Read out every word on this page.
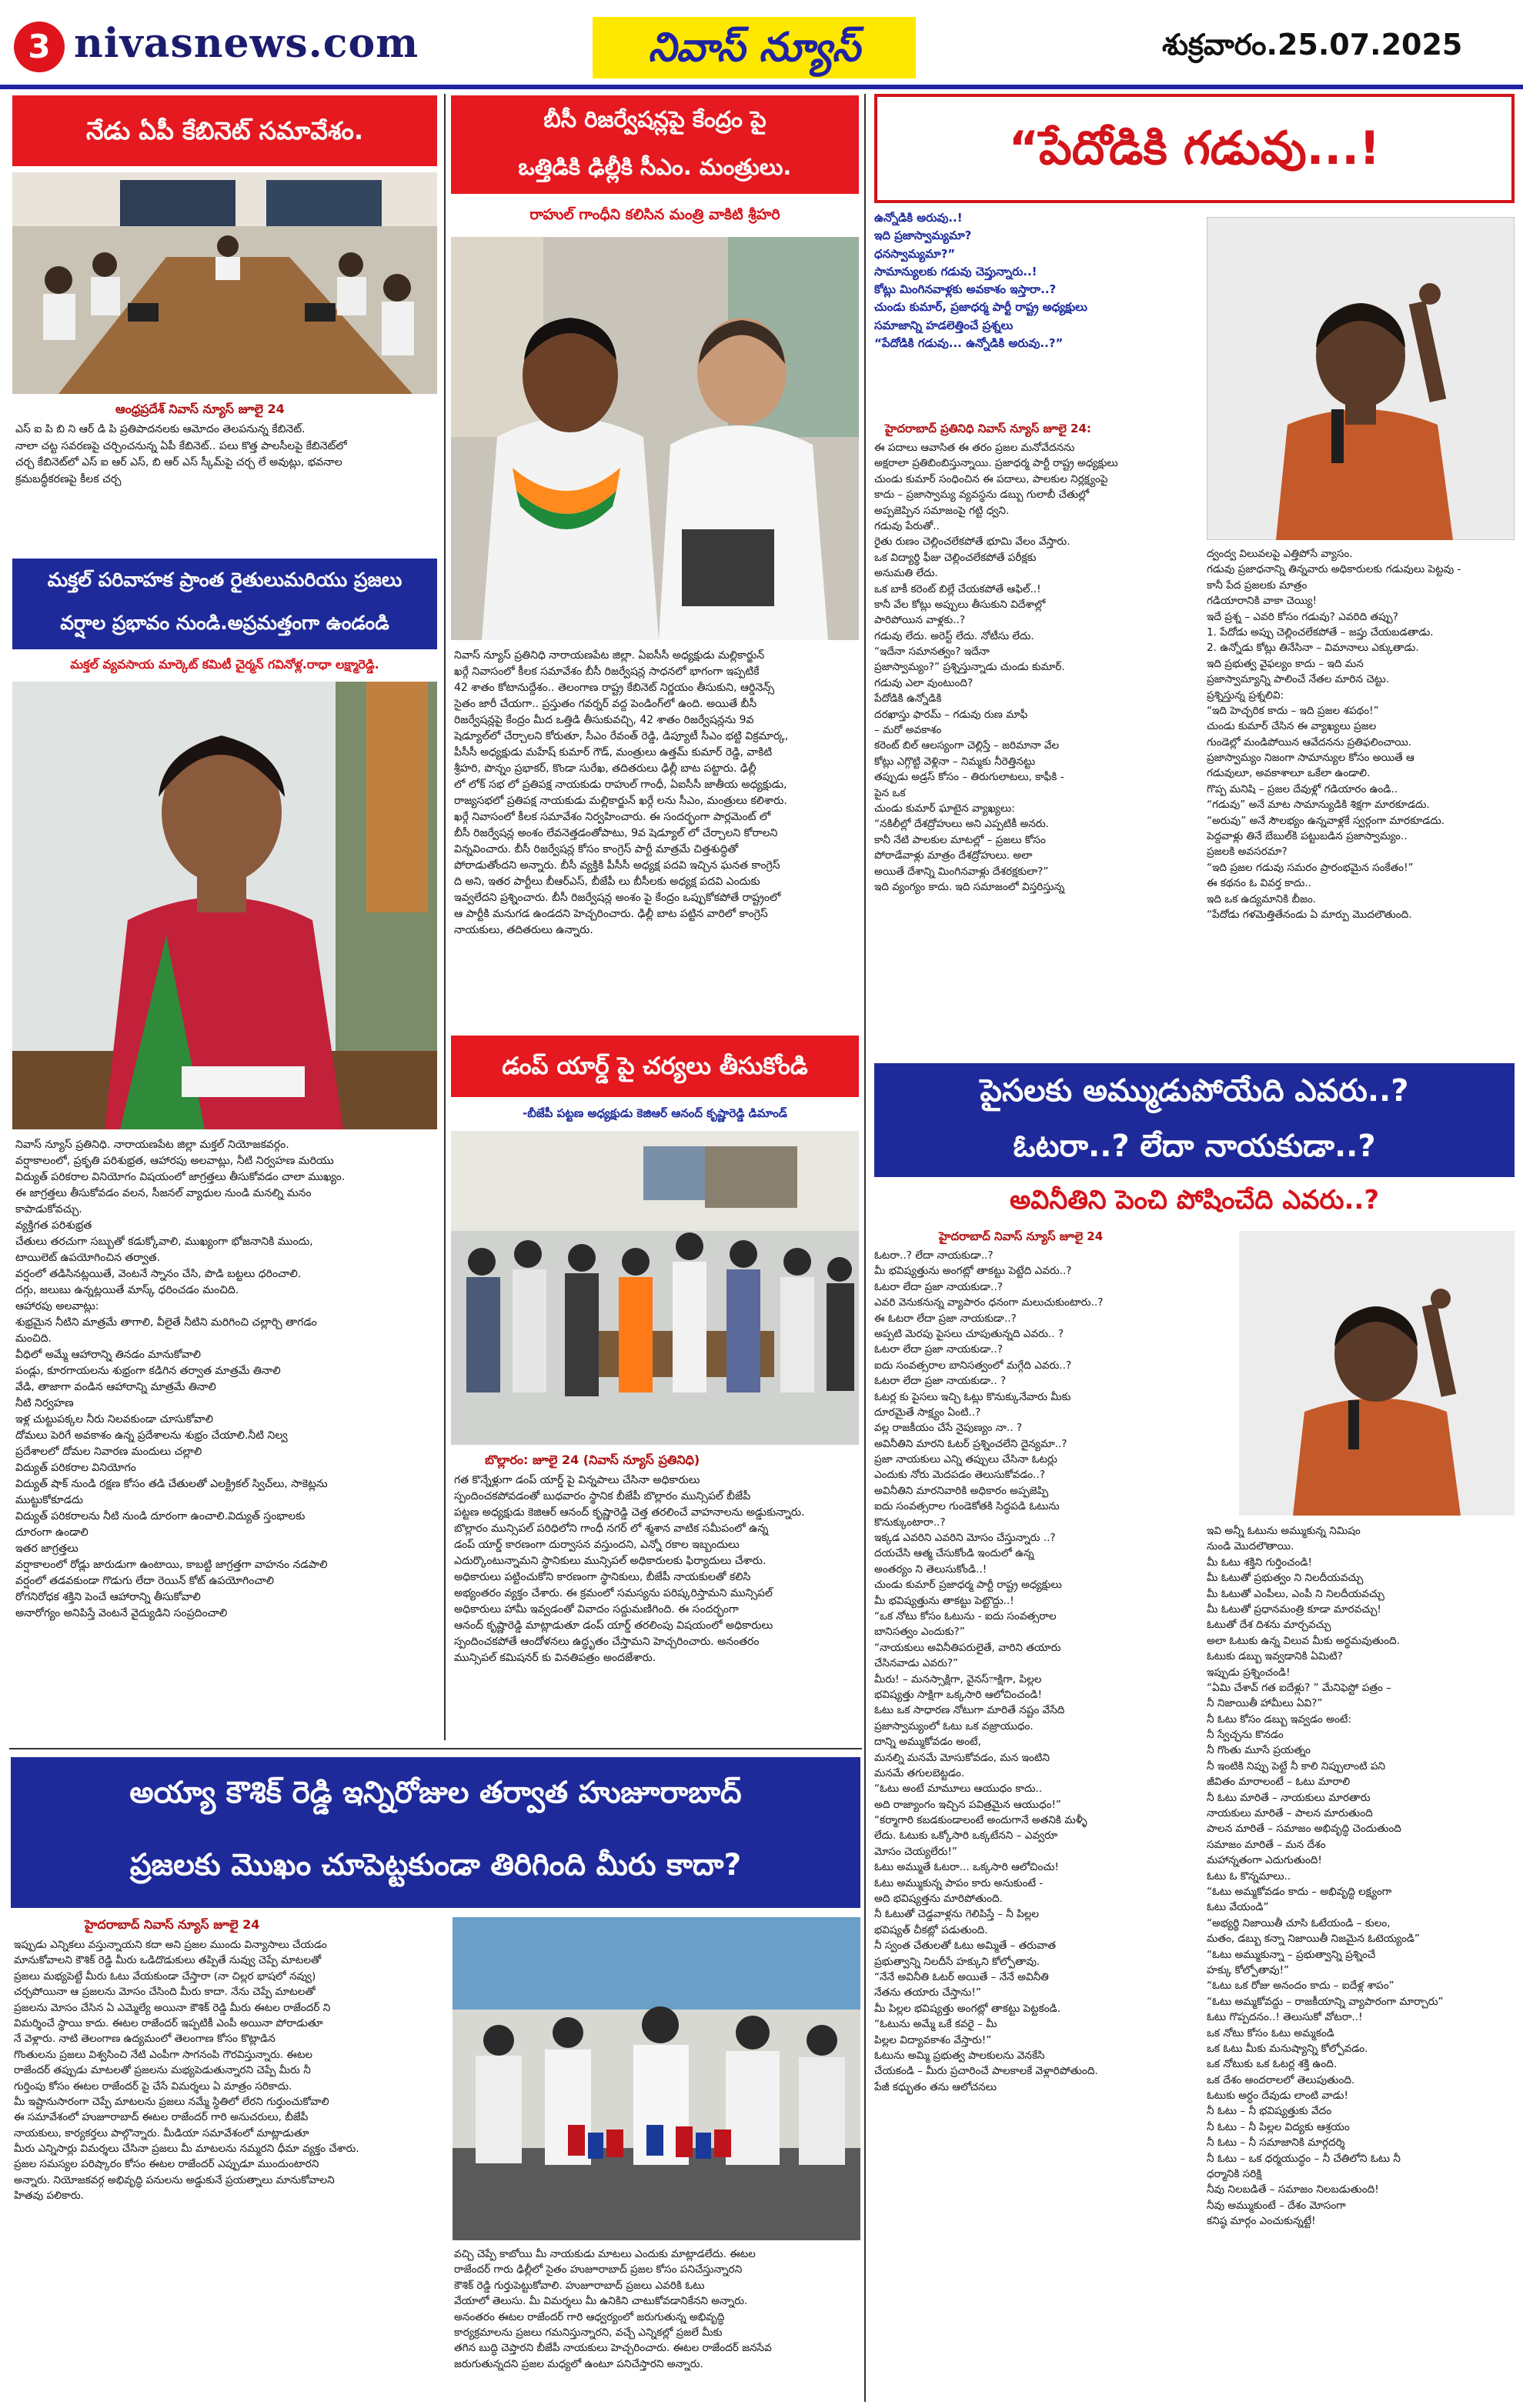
3 nivasnews.com	నివాస్ న్యూస్	శుక్రవారం.25.07.2025
నేడు ఏపీ కేబినెట్ సమావేశం.
ఆంధ్రప్రదేశ్ నివాస్ న్యూస్ జూలై 24
ఎస్ ఐ పి బి ని ఆర్ డి పి ప్రతిపాదనలకు ఆమోదం తెలపనున్న కేబినెట్.
నాలా చట్ట సవరణపై చర్చించనున్న ఏపీ కేబినెట్.. పలు కొత్త పాలసీలపై కేబినెట్‌లో
చర్చ కేబినెట్‌లో ఎస్ ఐ ఆర్ ఎస్, బి ఆర్ ఎస్ స్కీమ్‌పై చర్చ లే అవుట్లు, భవనాల
క్రమబద్ధీకరణపై కీలక చర్చ
మక్తల్ పరివాహక ప్రాంత రైతులుమరియు ప్రజలు
వర్షాల ప్రభావం నుండి.అప్రమత్తంగా ఉండండి
మక్తల్ వ్యవసాయ మార్కెట్ కమిటీ చైర్మన్ గవినోళ్ల.రాధా లక్ష్మారెడ్డి.
నివాస్ న్యూస్ ప్రతినిధి. నారాయణపేట జిల్లా మక్తల్ నియోజకవర్గం.
వర్షాకాలంలో, ప్రకృతి పరిశుభ్రత, ఆహారపు అలవాట్లు, నీటి నిర్వహణ మరియు
విద్యుత్ పరికరాల వినియోగం విషయంలో జాగ్రత్తలు తీసుకోవడం చాలా ముఖ్యం.
ఈ జాగ్రత్తలు తీసుకోవడం వలన, సీజనల్ వ్యాధుల నుండి మనల్ని మనం
కాపాడుకోవచ్చు.
వ్యక్తిగత పరిశుభ్రత
చేతులు తరచుగా సబ్బుతో కడుక్కోవాలి, ముఖ్యంగా భోజనానికి ముందు,
టాయిలెట్ ఉపయోగించిన తర్వాత.
వర్షంలో తడిసినట్లయితే, వెంటనే స్నానం చేసి, పొడి బట్టలు ధరించాలి.
దగ్గు, జలుబు ఉన్నట్లయితే మాస్క్ ధరించడం మంచిది.
ఆహారపు అలవాట్లు:
శుభ్రమైన నీటిని మాత్రమే తాగాలి, వీలైతే నీటిని మరిగించి చల్లార్చి తాగడం
మంచిది.
వీధిలో అమ్మే ఆహారాన్ని తినడం మానుకోవాలి
పండ్లు, కూరగాయలను శుభ్రంగా కడిగిన తర్వాత మాత్రమే తినాలి
వేడి, తాజాగా వండిన ఆహారాన్ని మాత్రమే తినాలి
నీటి నిర్వహణ
ఇళ్ల చుట్టుపక్కల నీరు నిలవకుండా చూసుకోవాలి
దోమలు పెరిగే అవకాశం ఉన్న ప్రదేశాలను శుభ్రం చేయాలి.నీటి నిల్వ
ప్రదేశాలలో దోమల నివారణ మందులు చల్లాలి
విద్యుత్ పరికరాల వినియోగం
విద్యుత్ షాక్ నుండి రక్షణ కోసం తడి చేతులతో ఎలక్ట్రికల్ స్విచ్‌లు, సాకెట్లను
ముట్టుకోకూడదు
విద్యుత్ పరికరాలను నీటి నుండి దూరంగా ఉంచాలి.విద్యుత్ స్తంభాలకు
దూరంగా ఉండాలి
ఇతర జాగ్రత్తలు
వర్షాకాలంలో రోడ్లు జారుడుగా ఉంటాయి, కాబట్టి జాగ్రత్తగా వాహనం నడపాలి
వర్షంలో తడవకుండా గొడుగు లేదా రెయిన్ కోట్ ఉపయోగించాలి
రోగనిరోధక శక్తిని పెంచే ఆహారాన్ని తీసుకోవాలి
అనారోగ్యం అనిపిస్తే వెంటనే వైద్యుడిని సంప్రదించాలి
బీసీ రిజర్వేషన్లపై కేంద్రం పై
ఒత్తిడికి ఢిల్లీకి సీఎం. మంత్రులు.
రాహుల్ గాంధీని కలిసిన మంత్రి వాకిటి శ్రీహరి
నివాస్ న్యూస్ ప్రతినిధి నారాయణపేట జిల్లా. ఏఐసీసీ అధ్యక్షుడు మల్లికార్జున్
ఖర్గే నివాసంలో కీలక సమావేశం బీసీ రిజర్వేషన్ల సాధనలో భాగంగా ఇప్పటికే
42 శాతం కోటానుద్దేశం.. తెలంగాణ రాష్ట్ర కేబినెట్ నిర్ణయం తీసుకుని, ఆర్డినెన్స్
సైతం జారీ చేయగా.. ప్రస్తుతం గవర్నర్ వద్ద పెండింగ్‌లో ఉంది. అయితే బీసీ
రిజర్వేషన్లపై కేంద్రం మీద ఒత్తిడి తీసుకువచ్చి, 42 శాతం రిజర్వేషన్లను 9వ
షెడ్యూల్‌లో చేర్చాలని కోరుతూ, సీఎం రేవంత్ రెడ్డి, డిప్యూటీ సీఎం భట్టి విక్రమార్క,
పీసీసీ అధ్యక్షుడు మహేష్ కుమార్ గౌడ్, మంత్రులు ఉత్తమ్ కుమార్ రెడ్డి, వాకిటి
శ్రీహరి, పొన్నం ప్రభాకర్, కొండా సురేఖ, తదితరులు ఢిల్లీ బాట పట్టారు. ఢిల్లీ
లో లోక్ సభ లో ప్రతిపక్ష నాయకుడు రాహుల్ గాంధీ, ఏఐసీసీ జాతీయ అధ్యక్షుడు,
రాజ్యసభలో ప్రతిపక్ష నాయకుడు మల్లికార్జున్ ఖర్గే లను సీఎం, మంత్రులు కలిశారు.
ఖర్గే నివాసంలో కీలక సమావేశం నిర్వహించారు. ఈ సందర్భంగా పార్లమెంట్ లో
బీసీ రిజర్వేషన్ల అంశం లేవనెత్తడంతోపాటు, 9వ షెడ్యూల్ లో చేర్చాలని కోరాలని
విన్నవించారు. బీసీ రిజర్వేషన్ల కోసం కాంగ్రెస్ పార్టీ మాత్రమే చిత్తశుద్ధితో
పోరాడుతోందని అన్నారు. బీసీ వ్యక్తికి పీసీసీ అధ్యక్ష పదవి ఇచ్చిన ఘనత కాంగ్రెస్
ది అని, ఇతర పార్టీలు బీఆర్ఎస్, బీజేపీ లు బీసీలకు అధ్యక్ష పదవి ఎందుకు
ఇవ్వలేదని ప్రశ్నించారు. బీసీ రిజర్వేషన్ల అంశం పై కేంద్రం ఒప్పుకోకపోతే రాష్ట్రంలో
ఆ పార్టీకి మనుగడ ఉండదని హెచ్చరించారు. ఢిల్లీ బాట పట్టిన వారిలో కాంగ్రెస్
నాయకులు, తదితరులు ఉన్నారు.
డంప్ యార్డ్ పై చర్యలు తీసుకోండి
-బీజేపీ పట్టణ అధ్యక్షుడు కెజిఆర్ ఆనంద్ కృష్ణారెడ్డి డిమాండ్
బొల్లారం: జూలై 24 (నివాస్ న్యూస్ ప్రతినిధి)
గత కొన్నేళ్లుగా డంప్ యార్డ్ పై విన్నపాలు చేసినా అధికారులు
స్పందించకపోవడంతో బుధవారం స్థానిక బీజేపీ బొల్లారం మున్సిపల్ బీజేపీ
పట్టణ అధ్యక్షుడు కెజిఆర్ ఆనంద్ కృష్ణారెడ్డి చెత్త తరలించే వాహనాలను అడ్డుకున్నారు.
బొల్లారం మున్సిపల్ పరిధిలోని గాంధీ నగర్ లో శ్మశాన వాటిక సమీపంలో ఉన్న
డంప్ యార్డ్ కారణంగా దుర్వాసన వస్తుందని, ఎన్నో రకాల ఇబ్బందులు
ఎదుర్కొంటున్నామని స్థానికులు మున్సిపల్ అధికారులకు ఫిర్యాదులు చేశారు.
అధికారులు పట్టించుకోని కారణంగా స్థానికులు, బీజేపీ నాయకులతో కలిసి
అభ్యంతరం వ్యక్తం చేశారు. ఈ క్రమంలో సమస్యను పరిష్కరిస్తామని మున్సిపల్
అధికారులు హామీ ఇవ్వడంతో వివాదం సద్దుమణిగింది. ఈ సందర్భంగా
ఆనంద్ కృష్ణారెడ్డి మాట్లాడుతూ డంప్ యార్డ్ తరలింపు విషయంలో అధికారులు
స్పందించకపోతే ఆందోళనలు ఉద్ధృతం చేస్తామని హెచ్చరించారు. అనంతరం
మున్సిపల్ కమిషనర్ కు వినతిపత్రం అందజేశారు.
“పేదోడికి గడువు...!
ఉన్నోడికి అరువు..!
ఇది ప్రజాస్వామ్యమా?
ధనస్వామ్యమా?”
సామాన్యులకు గడువు చెప్తున్నారు..!
కోట్లు మింగినవాళ్లకు అవకాశం ఇస్తారా..?
చుండు కుమార్, ప్రజాధర్మ పార్టీ రాష్ట్ర అధ్యక్షులు
సమాజాన్ని హడలెత్తించే ప్రశ్నలు
“పేదోడికి గడువు... ఉన్నోడికి అరువు..?”
హైదరాబాద్ ప్రతినిధి నివాస్ న్యూస్ జూలై 24:
ఈ పదాలు ఆవాసిత ఈ తరం ప్రజల మనోవేదనను
అక్షరాలా ప్రతిబింబిస్తున్నాయి. ప్రజాధర్మ పార్టీ రాష్ట్ర అధ్యక్షులు
చుండు కుమార్ సంధించిన ఈ పదాలు, పాలకుల నిర్లక్ష్యంపై
కాదు – ప్రజాస్వామ్య వ్యవస్థను డబ్బు గులాబీ చేతుల్లో
అప్పజెప్పిన సమాజంపై గట్టి ధ్వని.
గడువు పేరుతో..
రైతు రుణం చెల్లించలేకపోతే భూమి వేలం వేస్తారు.
ఒక విద్యార్థి ఫీజు చెల్లించలేకపోతే పరీక్షకు
అనుమతి లేదు.
ఒక బాకీ కరెంట్ బిల్లే చేయకపోతే ఆఫిల్..!
కానీ వేల కోట్లు అప్పులు తీసుకుని విదేశాల్లో
పారిపోయిన వాళ్లకు..?
గడువు లేదు. అరెస్ట్ లేదు. నోటీసు లేదు.
“ఇదేనా సమానత్వం? ఇదేనా
ప్రజాస్వామ్యం?” ప్రశ్నిస్తున్నాడు చుండు కుమార్.
గడువు ఎలా వుంటుంది?
పేదోడికి ఉన్నోడికి
దరఖాస్తు ఫారమ్ – గడువు రుణ మాఫీ
– మరో అవకాశం
కరెంట్ బిల్ ఆలస్యంగా చెల్లిస్తే – జరిమానా వేల
కోట్లు ఎగ్గొట్టి వెళ్లినా – నిమ్మకు నీరెత్తినట్టు
తప్పుడు అడ్రస్ కోసం – తిరుగులాటలు, కాఫీకి -
పైన ఒక
చుండు కుమార్ ఘాటైన వ్యాఖ్యలు:
“నకిలీల్లో దేశద్రోహులు అని ఎప్పటికీ అనరు.
కానీ నేటి పాలకుల మాటల్లో – ప్రజలు కోసం
పోరాడేవాళ్లు మాత్రం దేశద్రోహులు. అలా
అయితే దేశాన్ని మింగినవాళ్లు దేశరక్షకులా?”
ఇది వ్యంగ్యం కాదు. ఇది సమాజంలో విస్తరిస్తున్న
ద్వంద్వ విలువలపై ఎత్తిపోసే వ్యాసం.
గడువు ప్రజాధనాన్ని తిన్నవారు అధికారులకు గడువులు పెట్టవు -
కానీ పేద ప్రజలకు మాత్రం
గడియారానికి వాకా చెయ్యి!
ఇదే ప్రశ్న – ఎవరి కోసం గడువు? ఎవరిది తప్పు?
1. పేదోడు అప్పు చెల్లించలేకపోతే – జప్తు చేయబడతాడు.
2. ఉన్నోడు కోట్లు తినేసినా – విమానాలు ఎక్కుతాడు.
ఇది ప్రభుత్వ వైఫల్యం కాదు – ఇది మన
ప్రజాస్వామ్యాన్ని పాలించే నేతల మారిన చెట్టు.
ప్రశ్నిస్తున్న ప్రశ్నలివి:
“ఇది హెచ్చరిక కాదు – ఇది ప్రజల శపథం!”
చుండు కుమార్ చేసిన ఈ వ్యాఖ్యలు ప్రజల
గుండెల్లో మండిపోయిన ఆవేదనను ప్రతిఫలించాయి.
ప్రజాస్వామ్యం నిజంగా సామాన్యుల కోసం అయితే ఆ
గడువులూ, అవకాశాలూ ఒకేలా ఉండాలి.
గొప్ప మనిషి – ప్రజల దేవుళ్లో గడియారం ఉండి..
“గడువు” అనే మాట సామాన్యుడికి శిక్షగా మారకూడదు.
“అరువు” అనే సౌలభ్యం ఉన్నవాళ్లకే స్వర్గంగా మారకూడదు.
పెద్దవాళ్లు తినే బేబుల్‌కి పట్టుబడిన ప్రజాస్వామ్యం..
ప్రజలకి అవసరమా?
“ఇది ప్రజల గడువు సమరం ప్రారంభమైన సంకేతం!”
ఈ కథనం ఓ వివర్త కాదు..
ఇది ఒక ఉద్యమానికి బీజం.
“పేదోడు గళమెత్తితేనండు ఏ మార్పు మొదలౌతుంది.
పైసలకు అమ్ముడుపోయేది ఎవరు..?
ఓటరా..? లేదా నాయకుడా..?
అవినీతిని పెంచి పోషించేది ఎవరు..?
హైదరాబాద్ నివాస్ న్యూస్ జూలై 24
ఓటరా..? లేదా నాయకుడా..?
మీ భవిష్యత్తును అంగట్లో తాకట్టు పెట్టేది ఎవరు..?
ఓటరా లేదా ప్రజా నాయకుడా..?
ఎవరి వెనుకనున్న వ్యాపారం ధనంగా మలుచుకుంటారు..?
ఈ ఓటరా లేదా ప్రజా నాయకుడా..?
అప్పటి మెరపు పైసలు చూపుతున్నది ఎవరు.. ?
ఓటరా లేదా ప్రజా నాయకుడా..?
ఐదు సంవత్సరాల బానిసత్వంలో మగ్గేది ఎవరు..?
ఓటరా లేదా ప్రజా నాయకుడా.. ?
ఓటర్ల కు పైసలు ఇచ్చి ఓట్లు కొనుక్కునేవారు మీకు
దూరమైతే సాక్ష్యం ఏంటి..?
వల్ల రాజకీయం చేసే నైపుణ్యం నా.. ?
అవినీతిని మారని ఓటర్ ప్రశ్నించలేని దైన్యమా..?
ప్రజా నాయకులు ఎన్ని తప్పులు చేసినా ఓటర్లు
ఎందుకు నోరు మెదపడం తెలుసుకోవడం..?
అవినీతిని మారనివారికి అధికారం అప్పజెప్పి
ఐదు సంవత్సరాల గుండెకోతకి సిద్ధపడి ఓటును
కొనుక్కుంటారా..?
ఇక్కడ ఎవరిని ఎవరిని మోసం చేస్తున్నారు ..?
దయచేసి ఆత్మ చేసుకోండి ఇందులో ఉన్న
అంతర్యం ని తెలుసుకోండి..!
చుండు కుమార్ ప్రజాధర్మ పార్టీ రాష్ట్ర అధ్యక్షులు
మీ భవిష్యత్తును తాకట్టు పెట్టొద్దు..!
“ఒక నోటు కోసం ఓటును - ఐదు సంవత్సరాల
బానిసత్వం ఎందుకు?”
“నాయకులు అవినీతిపరులైతే, వారిని తయారు
చేసినవాడు ఎవరు?”
మీరు! – మనస్సాక్షిగా, వైనస్ాక్షిగా, పిల్లల
భవిష్యత్తు సాక్షిగా ఒక్కసారి ఆలోచించండి!
ఓటు ఒక సాధారణ నోటుగా మారితే నష్టం వేసేది
ప్రజాస్వామ్యంలో ఓటు ఒక వజ్రాయుధం.
దాన్ని అమ్ముకోవడం అంటే,
మనల్ని మనమే మోసుకోవడం, మన ఇంటిని
మనమే తగులబెట్టడం.
“ఓటు అంటే మామూలు ఆయుధం కాదు..
అది రాజ్యాంగం ఇచ్చిన పవిత్రమైన ఆయుధం!”
“కర్మాగారి కబడకుండాలంటే అందుగానే అతనికి మళ్ళీ
లేదు. ఓటుకు ఒక్కోసారి ఒక్కటేనని – ఎవ్వరూ
మోసం చెయ్యలేరు!”
ఓటు అమ్ముతే ఓటరా... ఒక్కసారి ఆలోచించు!
ఓటు అమ్ముకున్న పాపం కారు అనుకుంటే -
అది భవిష్యత్తను మారిపోతుంది.
నీ ఓటుతో చెడ్డవాళ్లను గెలిపిస్తే – నీ పిల్లల
భవిష్యత్ చీకట్లో పడుతుంది.
నీ స్వంత చేతులతో ఓటు అమ్మితే – తరువాత
ప్రభుత్వాన్ని నిలదీసే హక్కుని కోల్పోతావు.
“నేనే అవినీతి ఓటర్ అయితే – నేనే అవినీతి
నేతను తయారు చేస్తాను!”
మీ పిల్లల భవిష్యత్తు అంగట్లో తాకట్టు పెట్టకండి.
“ఓటును అమ్మే ఒకే కవరై – మీ
పిల్లల విద్యావకాశం వేస్తారు!”
ఓటును అమ్మి ప్రభుత్వ పాలకులను వెనకేసి
చేయకండి – మీరు ప్రచారించే పాలకాలకే వెళ్లారిపోతుంది.
పేజీ కధ్భుతం తను ఆలోచనలు
ఇవి అన్నీ ఓటును అమ్ముకున్న నిమిషం
నుండి మొదలౌతాయి.
మీ ఓటు శక్తిని గుర్తించండి!
మీ ఓటుతో ప్రభుత్వం ని నిలదీయవచ్చు
మీ ఓటుతో ఎంపీలు, ఎంపీ ని నిలదీయవచ్చు
మీ ఓటుతో ప్రధానమంత్రి కూడా మారవచ్చు!
ఓటుతో దేశ దిశను మార్చవచ్చు
అలా ఓటుకు ఉన్న విలువ మీకు అర్థమవుతుంది.
ఓటుకు డబ్బు ఇవ్వడానికి ఏమిటి?
ఇప్పుడు ప్రశ్నించండి!
“ఏమి చేశావ్ గత ఐదేళ్లు? ” మేనిఫెస్టో పత్రం –
నీ నిజాయితీ హామీలు ఏవి?”
నీ ఓటు కోసం డబ్బు ఇవ్వడం అంటే:
నీ స్వేచ్ఛను కొనడం
నీ గొంతు మూసే ప్రయత్నం
నీ ఇంటికి నిప్పు పెట్టే నీ కాలి నిప్పులాంటి పని
జీవితం మారాలంటే – ఓటు మారాలి
నీ ఓటు మారితే – నాయకులు మారతారు
నాయకులు మారితే – పాలన మారుతుంది
పాలన మారితే – సమాజం అభివృద్ధి చెందుతుంది
సమాజం మారితే – మన దేశం
మహాన్నతంగా ఎదుగుతుంది!
ఓటు ఓ కొన్నమాలు..
“ఓటు అమ్మకోవడం కాదు – అభివృద్ధి లక్ష్యంగా
ఓటు వేయండి”
“అభ్యర్థి నిజాయితీ చూసి ఓటేయండి – కులం,
మతం, డబ్బు కన్నా నిజాయితీ నిజమైన ఓటెయ్యండి”
“ఓటు అమ్ముకున్నా – ప్రభుత్వాన్ని ప్రశ్నించే
హక్కు కోల్పోతావు!”
“ఓటు ఒక రోజు అనందం కాదు – ఐదేళ్ల శాపం”
“ఓటు అమ్మకోవద్దు – రాజకీయాన్ని వ్యాపారంగా మార్చారు”
ఓటు గొప్పదనం..! తెలుసుకో వోటరా..!
ఒక నోటు కోసం ఓటు అమ్మకండి
ఒక ఓటు మీకు మనుష్యాన్ని కోల్పోవడం.
ఒక నోటుకు ఒక ఓటర్ల శక్తి ఉంది.
ఒక దేశం అందరాలలో తెలుపుతుంది.
ఓటుకు అర్ధం దేవుడు లాంటి వాడు!
నీ ఓటు – నీ భవిష్యత్తుకు వేదం
నీ ఓటు – నీ పిల్లల విద్యకు ఆశ్రయం
నీ ఓటు – నీ సమాజానికి మార్గదర్శి
నీ ఓటు – ఒక ధర్మయుద్ధం – నీ చేతిలోని ఓటు నీ
ధర్మానికి సరిక్షి
నీవు నిలబడితే – సమాజం నిలబడుతుంది!
నీవు అమ్ముకుంటే – దేశం మోసంగా
కనిష్ఠ మార్గం ఎంచుకున్నట్టే!
అయ్యా కౌశిక్ రెడ్డి ఇన్నిరోజుల తర్వాత హుజూరాబాద్
ప్రజలకు మొఖం చూపెట్టకుండా తిరిగింది మీరు కాదా?
హైదరాబాద్ నివాస్ న్యూస్ జూలై 24
ఇప్పుడు ఎన్నికలు వస్తున్నాయని కదా అని ప్రజల ముందు విన్యాసాలు చేయడం
మానుకోవాలని కౌశిక్ రెడ్డి మీరు ఒడిదొడుకులు తప్పితే నువ్వు చెప్పే మాటలతో
ప్రజలు మభ్యపెట్టే మీరు ఓటు వేయకుండా చేస్తారా (నా చిల్లర భాషలో నవ్వు)
చర్చపోయినా ఆ ప్రజలను మోసం చేసింది మీరు కాదా. నేను చెప్పే మాటలతో
ప్రజలను మోసం చేసిన ఏ ఎమ్మెల్యే అయినా కౌశిక్ రెడ్డి మీరు ఈటల రాజేందర్ ని
విమర్శించే స్థాయి కాదు. ఈటల రాజేందర్ ఇప్పటికీ ఎంపీ అయినా పోరాడుతూ
నే వెళ్లారు. నాటి తెలంగాణ ఉద్యమంలో తెలంగాణ కోసం కొట్లాడిన
గొంతులను ప్రజలు విశ్వసించి నేటి ఎంపీగా సాగనంపి గౌరవిస్తున్నారు. ఈటల
రాజేందర్ తప్పుడు మాటలతో ప్రజలను మభ్యపెడుతున్నారని చెప్పే మీరు నీ
గుర్తింపు కోసం ఈటల రాజేందర్ పై చేసే విమర్శలు ఏ మాత్రం సరికాదు.
మీ ఇష్టానుసారంగా చెప్పే మాటలను ప్రజలు నమ్మే స్థితిలో లేరని గుర్తుంచుకోవాలి
ఈ సమావేశంలో హుజూరాబాద్ ఈటల రాజేందర్ గారి అనుచరులు, బీజేపీ
నాయకులు, కార్యకర్తలు పాల్గొన్నారు. మీడియా సమావేశంలో మాట్లాడుతూ
మీరు ఎన్నిసార్లు విమర్శలు చేసినా ప్రజలు మీ మాటలను నమ్మరని ధీమా వ్యక్తం చేశారు.
ప్రజల సమస్యల పరిష్కారం కోసం ఈటల రాజేందర్ ఎప్పుడూ ముందుంటారని
అన్నారు. నియోజకవర్గ అభివృద్ధి పనులను అడ్డుకునే ప్రయత్నాలు మానుకోవాలని
హితవు పలికారు.
వచ్చి చెప్పే కాబోయి మీ నాయకుడు మాటలు ఎందుకు మాట్లాడలేదు. ఈటల
రాజేందర్ గారు ఢిల్లీలో సైతం హుజూరాబాద్ ప్రజల కోసం పనిచేస్తున్నారని
కౌశిక్ రెడ్డి గుర్తుపెట్టుకోవాలి. హుజూరాబాద్ ప్రజలు ఎవరికి ఓటు
వేయాలో తెలుసు. మీ విమర్శలు మీ ఉనికిని చాటుకోవడానికేనని అన్నారు.
అనంతరం ఈటల రాజేందర్ గారి ఆధ్వర్యంలో జరుగుతున్న అభివృద్ధి
కార్యక్రమాలను ప్రజలు గమనిస్తున్నారని, వచ్చే ఎన్నికల్లో ప్రజలే మీకు
తగిన బుద్ధి చెప్తారని బీజేపీ నాయకులు హెచ్చరించారు. ఈటల రాజేందర్ జనసేవ
జరుగుతున్నదని ప్రజల మధ్యలో ఉంటూ పనిచేస్తారని అన్నారు.
